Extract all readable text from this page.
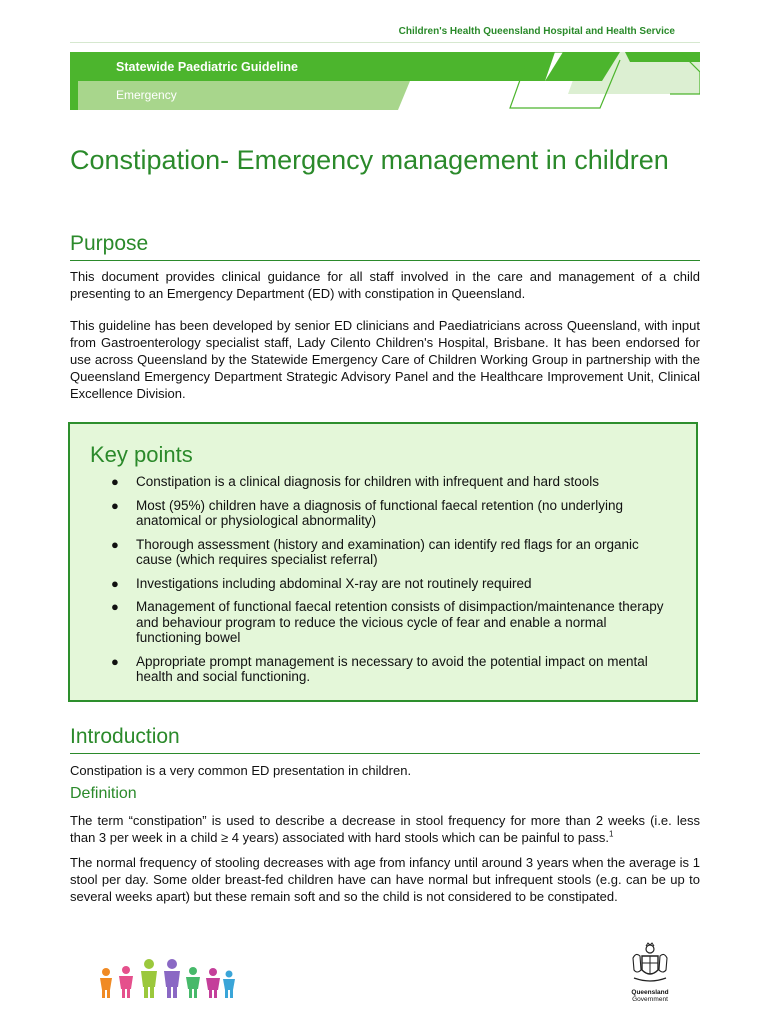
Children's Health Queensland Hospital and Health Service
Statewide Paediatric Guideline
Emergency
Constipation- Emergency management in children
Purpose

This document provides clinical guidance for all staff involved in the care and management of a child presenting to an Emergency Department (ED) with constipation in Queensland.

This guideline has been developed by senior ED clinicians and Paediatricians across Queensland, with input from Gastroenterology specialist staff, Lady Cilento Children's Hospital, Brisbane. It has been endorsed for use across Queensland by the Statewide Emergency Care of Children Working Group in partnership with the Queensland Emergency Department Strategic Advisory Panel and the Healthcare Improvement Unit, Clinical Excellence Division.

Key points
● Constipation is a clinical diagnosis for children with infrequent and hard stools
● Most (95%) children have a diagnosis of functional faecal retention (no underlying anatomical or physiological abnormality)
● Thorough assessment (history and examination) can identify red flags for an organic cause (which requires specialist referral)
● Investigations including abdominal X-ray are not routinely required
● Management of functional faecal retention consists of disimpaction/maintenance therapy and behaviour program to reduce the vicious cycle of fear and enable a normal functioning bowel
● Appropriate prompt management is necessary to avoid the potential impact on mental health and social functioning.
Introduction

Constipation is a very common ED presentation in children.

Definition

The term “constipation” is used to describe a decrease in stool frequency for more than 2 weeks (i.e. less than 3 per week in a child ≥ 4 years) associated with hard stools which can be painful to pass.$^1$

The normal frequency of stooling decreases with age from infancy until around 3 years when the average is 1 stool per day. Some older breast-fed children have can have normal but infrequent stools (e.g. can be up to several weeks apart) but these remain soft and so the child is not considered to be constipated.

Queensland
Government
